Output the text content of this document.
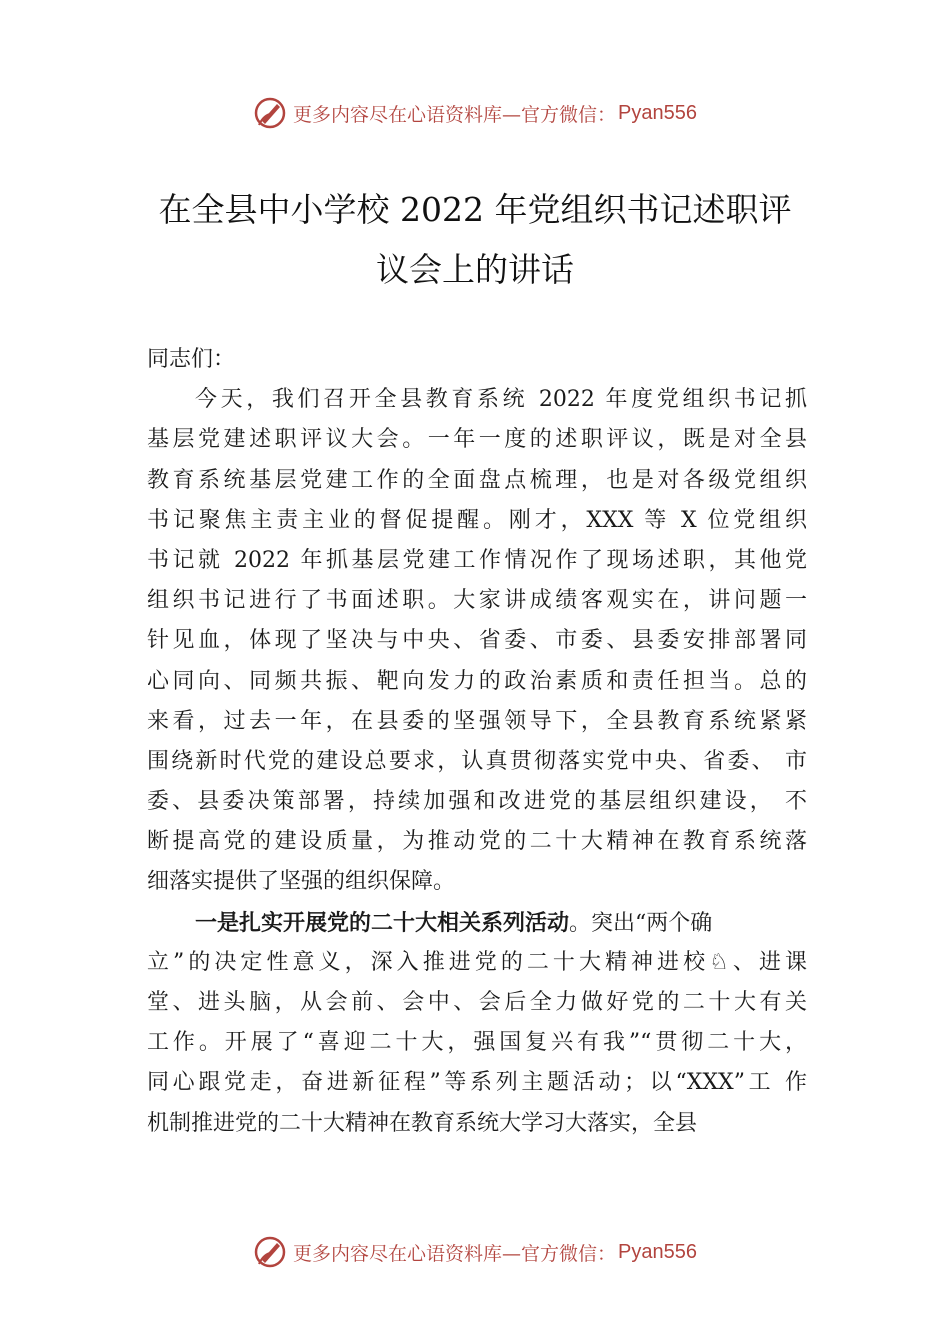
更多内容尽在心语资料库—官方微信： Pyan556
在全县中小学校 2022 年党组织书记述职评
议会上的讲话
同志们：
今天，我们召开全县教育系统 2022 年度党组织书记抓
基层党建述职评议大会。一年一度的述职评议，既是对全县
教育系统基层党建工作的全面盘点梳理，也是对各级党组织
书记聚焦主责主业的督促提醒。刚才，XXX 等 X 位党组织
书记就 2022 年抓基层党建工作情况作了现场述职，其他党
组织书记进行了书面述职。大家讲成绩客观实在，讲问题一
针见血，体现了坚决与中央、省委、市委、县委安排部署同
心同向、同频共振、靶向发力的政治素质和责任担当。总的
来看，过去一年，在县委的坚强领导下，全县教育系统紧紧
围绕新时代党的建设总要求，认真贯彻落实党中央、省委、 市
委、县委决策部署，持续加强和改进党的基层组织建设， 不
断提高党的建设质量，为推动党的二十大精神在教育系统落
细落实提供了坚强的组织保障。
一是扎实开展党的二十大相关系列活动。突出“两个确
立”的决定性意义，深入推进党的二十大精神进校♘、进课
堂、进头脑，从会前、会中、会后全力做好党的二十大有关
工作。开展了“喜迎二十大，强国复兴有我”“贯彻二十大，
同心跟党走，奋进新征程”等系列主题活动；以“XXX”工 作
机制推进党的二十大精神在教育系统大学习大落实，全县
更多内容尽在心语资料库—官方微信： Pyan556
